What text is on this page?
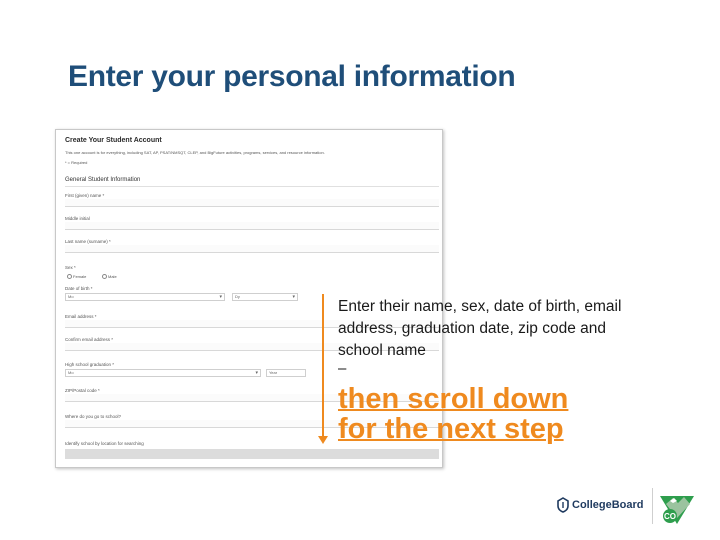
Enter your personal information
Create Your Student Account
This one account is for everything, including SAT, AP, PSAT/NMSQT, CLEP, and BigFuture activities, programs, services, and resource information.
* = Required
General Student Information
First (given) name *
Middle initial
Last name (surname) *
Sex *
Female	Male
Date of birth *
Mo	▾	Dy	▾
Email address *
Confirm email address *
High school graduation *
Mo	▾	Year
ZIP/Postal code *
Where do you go to school?
Identify school by location for searching
Enter their name, sex, date of birth, email address, graduation date, zip code and school name
–
then scroll down
for the next step
CollegeBoard
CO
